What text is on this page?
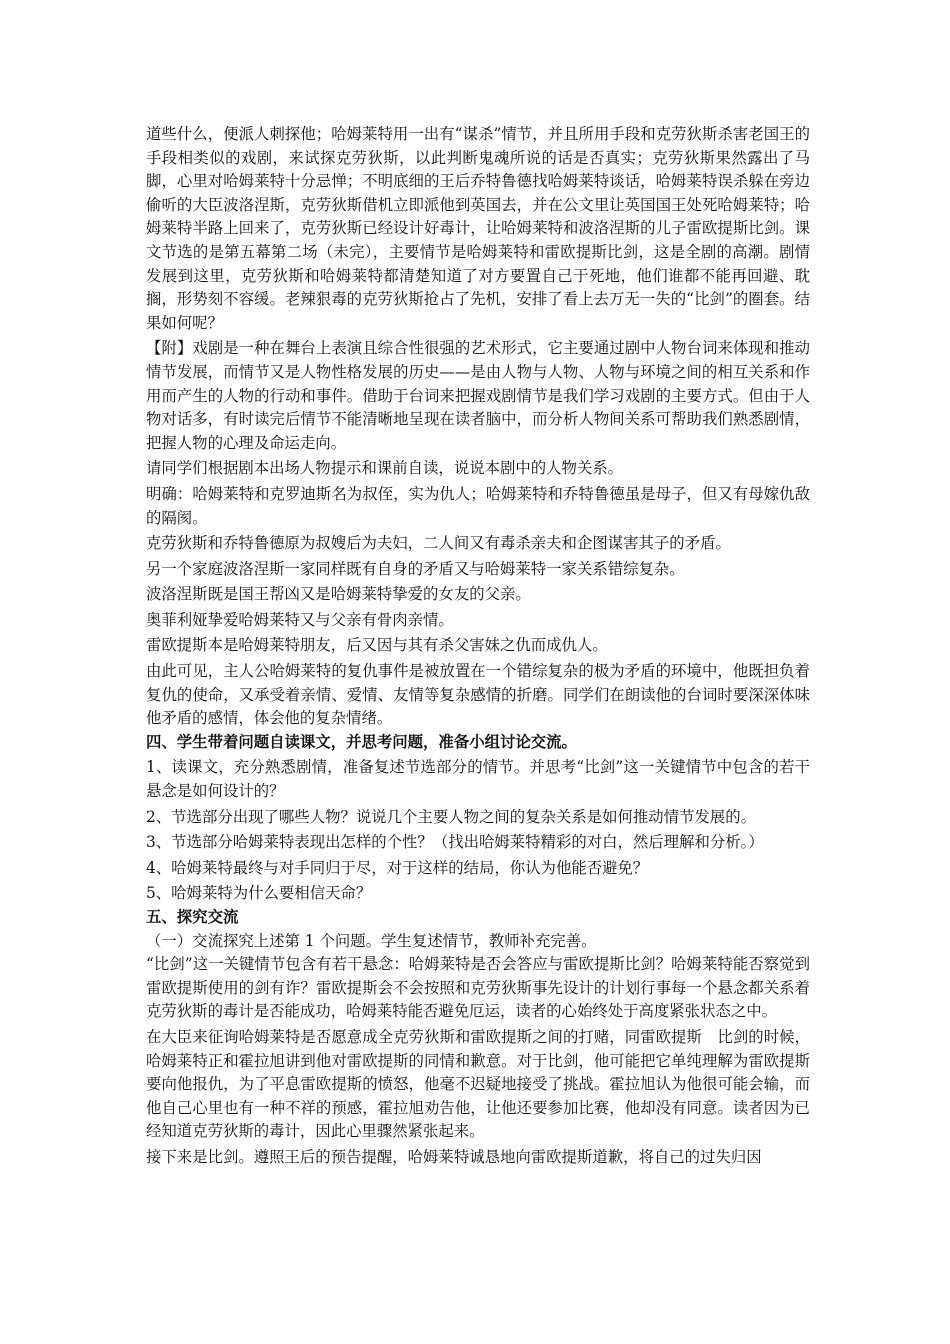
道些什么，便派人刺探他；哈姆莱特用一出有“谋杀”情节，并且所用手段和克劳狄斯杀害老国王的手段相类似的戏剧，来试探克劳狄斯，以此判断鬼魂所说的话是否真实；克劳狄斯果然露出了马脚，心里对哈姆莱特十分忌惮；不明底细的王后乔特鲁德找哈姆莱特谈话，哈姆莱特误杀躲在旁边偷听的大臣波洛涅斯，克劳狄斯借机立即派他到英国去，并在公文里让英国国王处死哈姆莱特；哈姆莱特半路上回来了，克劳狄斯已经设计好毒计，让哈姆莱特和波洛涅斯的儿子雷欧提斯比剑。课文节选的是第五幕第二场（未完），主要情节是哈姆莱特和雷欧提斯比剑，这是全剧的高潮。剧情发展到这里，克劳狄斯和哈姆莱特都清楚知道了对方要置自己于死地，他们谁都不能再回避、耽搁，形势刻不容缓。老辣狠毒的克劳狄斯抢占了先机，安排了看上去万无一失的“比剑”的圈套。结果如何呢？

【附】戏剧是一种在舞台上表演且综合性很强的艺术形式，它主要通过剧中人物台词来体现和推动情节发展，而情节又是人物性格发展的历史——是由人物与人物、人物与环境之间的相互关系和作用而产生的人物的行动和事件。借助于台词来把握戏剧情节是我们学习戏剧的主要方式。但由于人物对话多，有时读完后情节不能清晰地呈现在读者脑中，而分析人物间关系可帮助我们熟悉剧情，把握人物的心理及命运走向。

请同学们根据剧本出场人物提示和课前自读，说说本剧中的人物关系。

明确：哈姆莱特和克罗迪斯名为叔侄，实为仇人；哈姆莱特和乔特鲁德虽是母子，但又有母嫁仇敌的隔阂。

克劳狄斯和乔特鲁德原为叔嫂后为夫妇，二人间又有毒杀亲夫和企图谋害其子的矛盾。

另一个家庭波洛涅斯一家同样既有自身的矛盾又与哈姆莱特一家关系错综复杂。

波洛涅斯既是国王帮凶又是哈姆莱特挚爱的女友的父亲。

奥菲利娅挚爱哈姆莱特又与父亲有骨肉亲情。

雷欧提斯本是哈姆莱特朋友，后又因与其有杀父害妹之仇而成仇人。

由此可见，主人公哈姆莱特的复仇事件是被放置在一个错综复杂的极为矛盾的环境中，他既担负着复仇的使命，又承受着亲情、爱情、友情等复杂感情的折磨。同学们在朗读他的台词时要深深体味他矛盾的感情，体会他的复杂情绪。

四、学生带着问题自读课文，并思考问题，准备小组讨论交流。

1、读课文，充分熟悉剧情，准备复述节选部分的情节。并思考“比剑”这一关键情节中包含的若干悬念是如何设计的？

2、节选部分出现了哪些人物？说说几个主要人物之间的复杂关系是如何推动情节发展的。

3、节选部分哈姆莱特表现出怎样的个性？（找出哈姆莱特精彩的对白，然后理解和分析。）

4、哈姆莱特最终与对手同归于尽，对于这样的结局，你认为他能否避免？

5、哈姆莱特为什么要相信天命？

五、探究交流

（一）交流探究上述第 1 个问题。学生复述情节，教师补充完善。

“比剑”这一关键情节包含有若干悬念：哈姆莱特是否会答应与雷欧提斯比剑？哈姆莱特能否察觉到雷欧提斯使用的剑有诈？雷欧提斯会不会按照和克劳狄斯事先设计的计划行事每一个悬念都关系着克劳狄斯的毒计是否能成功，哈姆莱特能否避免厄运，读者的心始终处于高度紧张状态之中。

在大臣来征询哈姆莱特是否愿意成全克劳狄斯和雷欧提斯之间的打赌，同雷欧提斯　比剑的时候，哈姆莱特正和霍拉旭讲到他对雷欧提斯的同情和歉意。对于比剑，他可能把它单纯理解为雷欧提斯要向他报仇，为了平息雷欧提斯的愤怒，他毫不迟疑地接受了挑战。霍拉旭认为他很可能会输，而他自己心里也有一种不祥的预感，霍拉旭劝告他，让他还要参加比赛，他却没有同意。读者因为已经知道克劳狄斯的毒计，因此心里骤然紧张起来。

接下来是比剑。遵照王后的预告提醒，哈姆莱特诚恳地向雷欧提斯道歉，将自己的过失归因
